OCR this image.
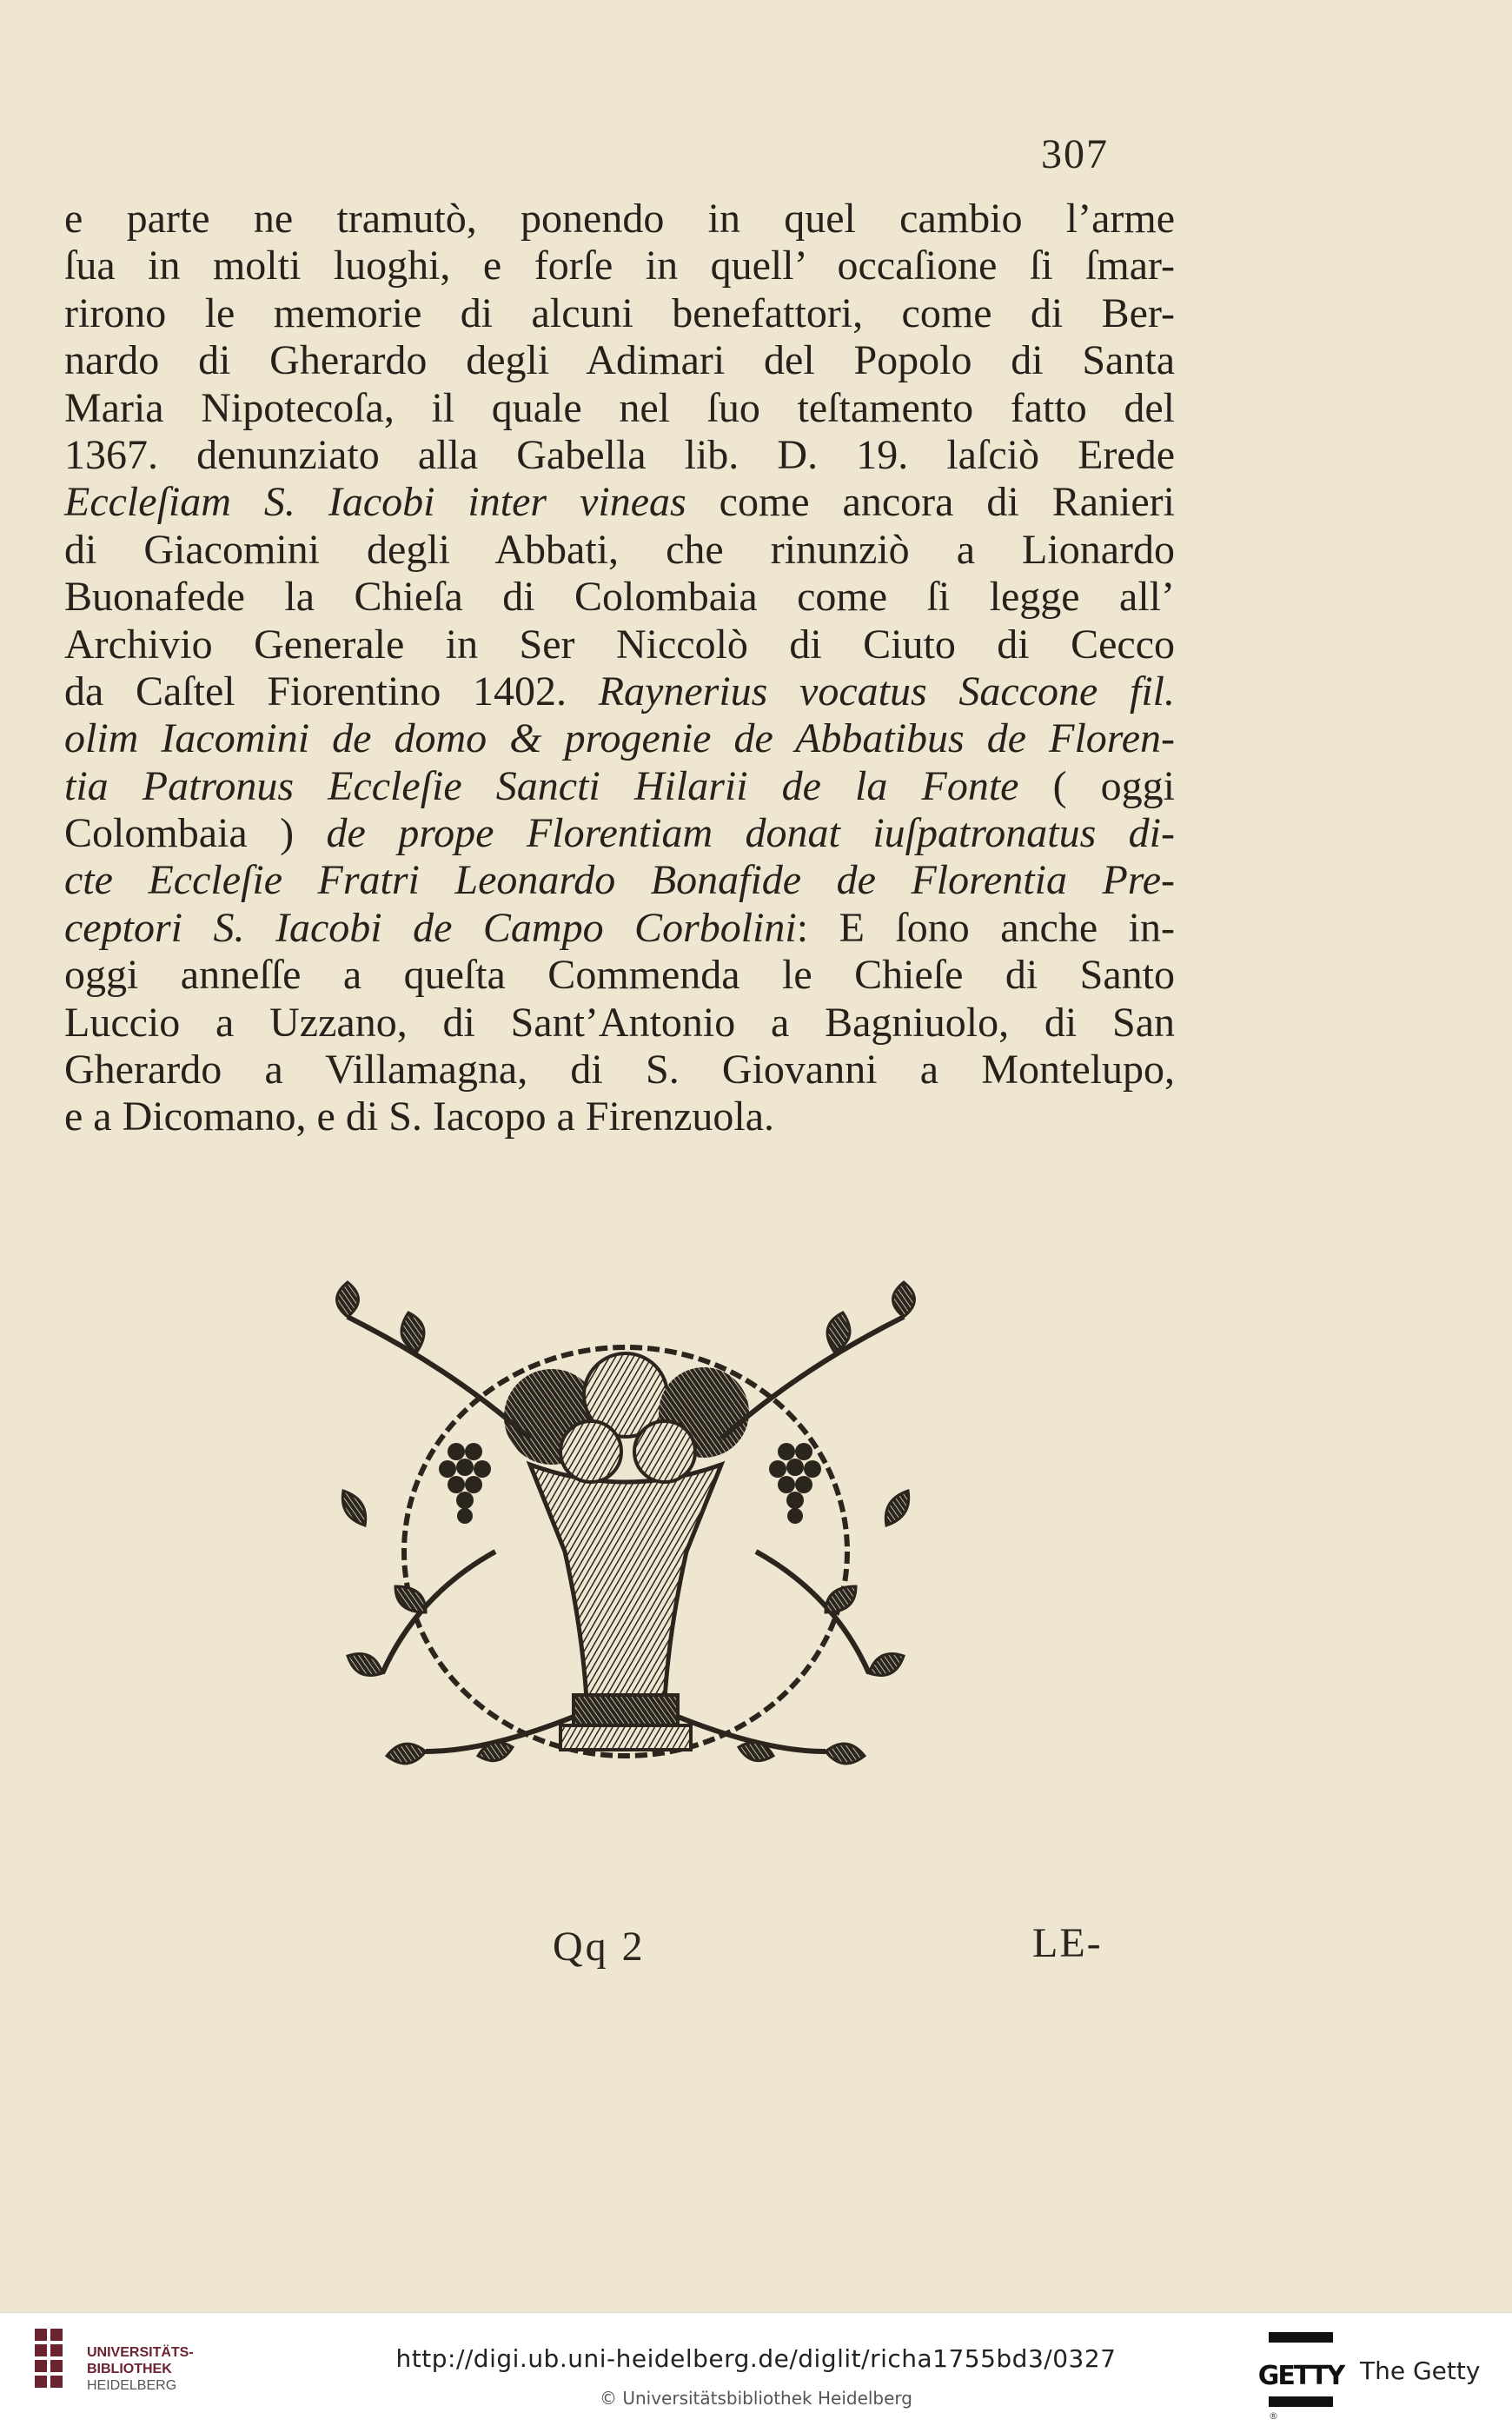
307
e parte ne tramutò, ponendo in quel cambio l’arme
ſua in molti luoghi, e forſe in quell’ occaſione ſi ſmar-
rirono le memorie di alcuni benefattori, come di Ber-
nardo di Gherardo degli Adimari del Popolo di Santa
Maria Nipotecoſa, il quale nel ſuo teſtamento fatto del
1367. denunziato alla Gabella lib. D. 19. laſciò Erede
Eccleſiam S. Iacobi inter vineas come ancora di Ranieri
di Giacomini degli Abbati, che rinunziò a Lionardo
Buonafede la Chieſa di Colombaia come ſi legge all’
Archivio Generale in Ser Niccolò di Ciuto di Cecco
da Caſtel Fiorentino 1402. Raynerius vocatus Saccone fil.
olim Iacomini de domo & progenie de Abbatibus de Floren-
tia Patronus Eccleſie Sancti Hilarii de la Fonte ( oggi
Colombaia ) de prope Florentiam donat iuſpatronatus di-
cte Eccleſie Fratri Leonardo Bonafide de Florentia Pre-
ceptori S. Iacobi de Campo Corbolini: E ſono anche in-
oggi anneſſe a queſta Commenda le Chieſe di Santo
Luccio a Uzzano, di Sant’Antonio a Bagniuolo, di San
Gherardo a Villamagna, di S. Giovanni a Montelupo,
e a Dicomano, e di S. Iacopo a Firenzuola.
Qq 2	LE-
UNIVERSITÄTS-
BIBLIOTHEK
HEIDELBERG
http://digi.ub.uni-heidelberg.de/diglit/richa1755bd3/0327
© Universitätsbibliothek Heidelberg
GETTY
®
The Getty
